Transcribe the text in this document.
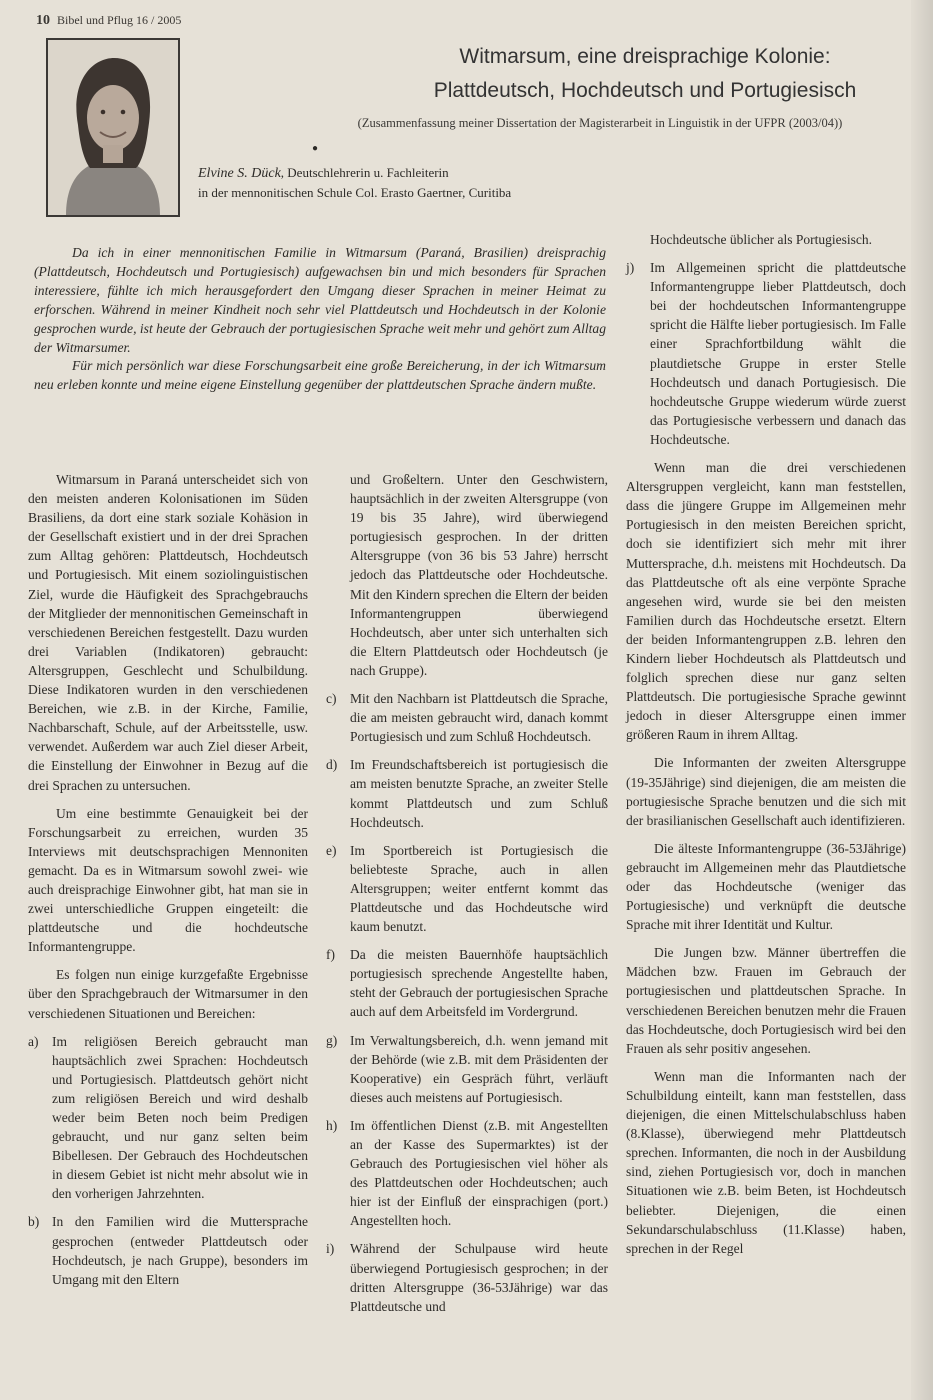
10 Bibel und Pflug 16 / 2005
Witmarsum, eine dreisprachige Kolonie:
Plattdeutsch, Hochdeutsch und Portugiesisch
(Zusammenfassung meiner Dissertation der Magisterarbeit in Linguistik in der UFPR (2003/04))
●
Elvine S. Dück, Deutschlehrerin u. Fachleiterin
in der mennonitischen Schule Col. Erasto Gaertner, Curitiba

Da ich in einer mennonitischen Familie in Witmarsum (Paraná, Brasilien) dreisprachig (Plattdeutsch, Hochdeutsch und Portugiesisch) aufgewachsen bin und mich besonders für Sprachen interessiere, fühlte ich mich herausgefordert den Umgang dieser Sprachen in meiner Heimat zu erforschen. Während in meiner Kindheit noch sehr viel Plattdeutsch und Hochdeutsch in der Kolonie gesprochen wurde, ist heute der Gebrauch der portugiesischen Sprache weit mehr und gehört zum Alltag der Witmarsumer.

Für mich persönlich war diese Forschungsarbeit eine große Bereicherung, in der ich Witmarsum neu erleben konnte und meine eigene Einstellung gegenüber der plattdeutschen Sprache ändern mußte.

Witmarsum in Paraná unterscheidet sich von den meisten anderen Kolonisationen im Süden Brasiliens, da dort eine stark soziale Kohäsion in der Gesellschaft existiert und in der drei Sprachen zum Alltag gehören: Plattdeutsch, Hochdeutsch und Portugiesisch. Mit einem soziolinguistischen Ziel, wurde die Häufigkeit des Sprachgebrauchs der Mitglieder der mennonitischen Gemeinschaft in verschiedenen Bereichen festgestellt. Dazu wurden drei Variablen (Indikatoren) gebraucht: Altersgruppen, Geschlecht und Schulbildung. Diese Indikatoren wurden in den verschiedenen Bereichen, wie z.B. in der Kirche, Familie, Nachbarschaft, Schule, auf der Arbeitsstelle, usw. verwendet. Außerdem war auch Ziel dieser Arbeit, die Einstellung der Einwohner in Bezug auf die drei Sprachen zu untersuchen.

Um eine bestimmte Genauigkeit bei der Forschungsarbeit zu erreichen, wurden 35 Interviews mit deutschsprachigen Mennoniten gemacht. Da es in Witmarsum sowohl zwei- wie auch dreisprachige Einwohner gibt, hat man sie in zwei unterschiedliche Gruppen eingeteilt: die plattdeutsche und die hochdeutsche Informantengruppe.

Es folgen nun einige kurzgefaßte Ergebnisse über den Sprachgebrauch der Witmarsumer in den verschiedenen Situationen und Bereichen:

a) Im religiösen Bereich gebraucht man hauptsächlich zwei Sprachen: Hochdeutsch und Portugiesisch. Plattdeutsch gehört nicht zum religiösen Bereich und wird deshalb weder beim Beten noch beim Predigen gebraucht, und nur ganz selten beim Bibellesen. Der Gebrauch des Hochdeutschen in diesem Gebiet ist nicht mehr absolut wie in den vorherigen Jahrzehnten.
b) In den Familien wird die Muttersprache gesprochen (entweder Plattdeutsch oder Hochdeutsch, je nach Gruppe), besonders im Umgang mit den Eltern

und Großeltern. Unter den Geschwistern, hauptsächlich in der zweiten Altersgruppe (von 19 bis 35 Jahre), wird überwiegend portugiesisch gesprochen. In der dritten Altersgruppe (von 36 bis 53 Jahre) herrscht jedoch das Plattdeutsche oder Hochdeutsche. Mit den Kindern sprechen die Eltern der beiden Informantengruppen überwiegend Hochdeutsch, aber unter sich unterhalten sich die Eltern Plattdeutsch oder Hochdeutsch (je nach Gruppe).

c) Mit den Nachbarn ist Plattdeutsch die Sprache, die am meisten gebraucht wird, danach kommt Portugiesisch und zum Schluß Hochdeutsch.
d) Im Freundschaftsbereich ist portugiesisch die am meisten benutzte Sprache, an zweiter Stelle kommt Plattdeutsch und zum Schluß Hochdeutsch.
e) Im Sportbereich ist Portugiesisch die beliebteste Sprache, auch in allen Altersgruppen; weiter entfernt kommt das Plattdeutsche und das Hochdeutsche wird kaum benutzt.
f) Da die meisten Bauernhöfe hauptsächlich portugiesisch sprechende Angestellte haben, steht der Gebrauch der portugiesischen Sprache auch auf dem Arbeitsfeld im Vordergrund.
g) Im Verwaltungsbereich, d.h. wenn jemand mit der Behörde (wie z.B. mit dem Präsidenten der Kooperative) ein Gespräch führt, verläuft dieses auch meistens auf Portugiesisch.
h) Im öffentlichen Dienst (z.B. mit Angestellten an der Kasse des Supermarktes) ist der Gebrauch des Portugiesischen viel höher als des Plattdeutschen oder Hochdeutschen; auch hier ist der Einfluß der einsprachigen (port.) Angestellten hoch.
i) Während der Schulpause wird heute überwiegend Portugiesisch gesprochen; in der dritten Altersgruppe (36-53Jährige) war das Plattdeutsche und

Hochdeutsche üblicher als Portugiesisch.

j) Im Allgemeinen spricht die plattdeutsche Informantengruppe lieber Plattdeutsch, doch bei der hochdeutschen Informantengruppe spricht die Hälfte lieber portugiesisch. Im Falle einer Sprachfortbildung wählt die plautdietsche Gruppe in erster Stelle Hochdeutsch und danach Portugiesisch. Die hochdeutsche Gruppe wiederum würde zuerst das Portugiesische verbessern und danach das Hochdeutsche.

Wenn man die drei verschiedenen Altersgruppen vergleicht, kann man feststellen, dass die jüngere Gruppe im Allgemeinen mehr Portugiesisch in den meisten Bereichen spricht, doch sie identifiziert sich mehr mit ihrer Muttersprache, d.h. meistens mit Hochdeutsch. Da das Plattdeutsche oft als eine verpönte Sprache angesehen wird, wurde sie bei den meisten Familien durch das Hochdeutsche ersetzt. Eltern der beiden Informantengruppen z.B. lehren den Kindern lieber Hochdeutsch als Plattdeutsch und folglich sprechen diese nur ganz selten Plattdeutsch. Die portugiesische Sprache gewinnt jedoch in dieser Altersgruppe einen immer größeren Raum in ihrem Alltag.

Die Informanten der zweiten Altersgruppe (19-35Jährige) sind diejenigen, die am meisten die portugiesische Sprache benutzen und die sich mit der brasilianischen Gesellschaft auch identifizieren.

Die älteste Informantengruppe (36-53Jährige) gebraucht im Allgemeinen mehr das Plautdietsche oder das Hochdeutsche (weniger das Portugiesische) und verknüpft die deutsche Sprache mit ihrer Identität und Kultur.

Die Jungen bzw. Männer übertreffen die Mädchen bzw. Frauen im Gebrauch der portugiesischen und plattdeutschen Sprache. In verschiedenen Bereichen benutzen mehr die Frauen das Hochdeutsche, doch Portugiesisch wird bei den Frauen als sehr positiv angesehen.

Wenn man die Informanten nach der Schulbildung einteilt, kann man feststellen, dass diejenigen, die einen Mittelschulabschluss haben (8.Klasse), überwiegend mehr Plattdeutsch sprechen. Informanten, die noch in der Ausbildung sind, ziehen Portugiesisch vor, doch in manchen Situationen wie z.B. beim Beten, ist Hochdeutsch beliebter. Diejenigen, die einen Sekundarschulabschluss (11.Klasse) haben, sprechen in der Regel
